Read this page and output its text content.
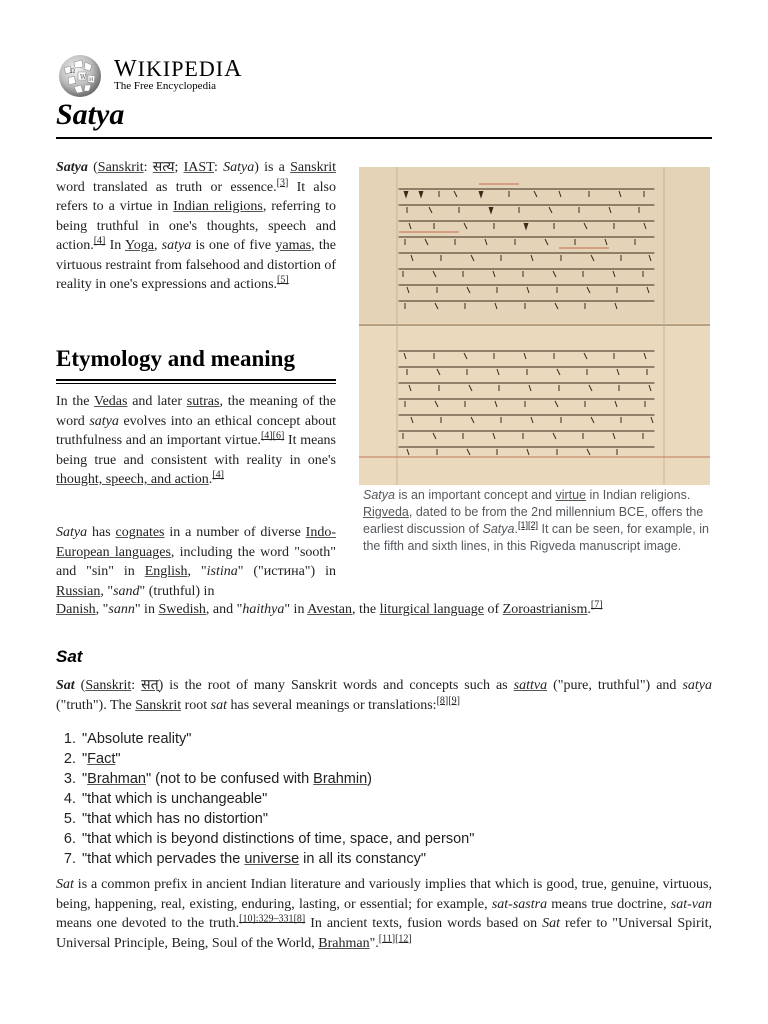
Ω
W И WIKIPEDIA
The Free Encyclopedia
Satya

Satya (Sanskrit: सत्य; IAST: Satya) is a Sanskrit word translated as truth or essence.[3] It also refers to a virtue in Indian religions, referring to being truthful in one's thoughts, speech and action.[4] In Yoga, satya is one of five yamas, the virtuous restraint from falsehood and distortion of reality in one's expressions and actions.[5]

Satya is an important concept and virtue in Indian religions. Rigveda, dated to be from the 2nd millennium BCE, offers the earliest discussion of Satya.[1][2] It can be seen, for example, in the fifth and sixth lines, in this Rigveda manuscript image.
Etymology and meaning

In the Vedas and later sutras, the meaning of the word satya evolves into an ethical concept about truthfulness and an important virtue.[4][6] It means being true and consistent with reality in one's thought, speech, and action.[4]

Satya has cognates in a number of diverse Indo-European languages, including the word "sooth" and "sin" in English, "istina" ("истина") in Russian, "sand" (truthful) in

Danish, "sann" in Swedish, and "haithya" in Avestan, the liturgical language of Zoroastrianism.[7]

Sat

Sat (Sanskrit: सत्) is the root of many Sanskrit words and concepts such as sattva ("pure, truthful") and satya ("truth"). The Sanskrit root sat has several meanings or translations:[8][9]

1. "Absolute reality"
2. "Fact"
3. "Brahman" (not to be confused with Brahmin)
4. "that which is unchangeable"
5. "that which has no distortion"
6. "that which is beyond distinctions of time, space, and person"
7. "that which pervades the universe in all its constancy"

Sat is a common prefix in ancient Indian literature and variously implies that which is good, true, genuine, virtuous, being, happening, real, existing, enduring, lasting, or essential; for example, sat-sastra means true doctrine, sat-van means one devoted to the truth.[10]:329–331[8] In ancient texts, fusion words based on Sat refer to "Universal Spirit, Universal Principle, Being, Soul of the World, Brahman".[11][12]
